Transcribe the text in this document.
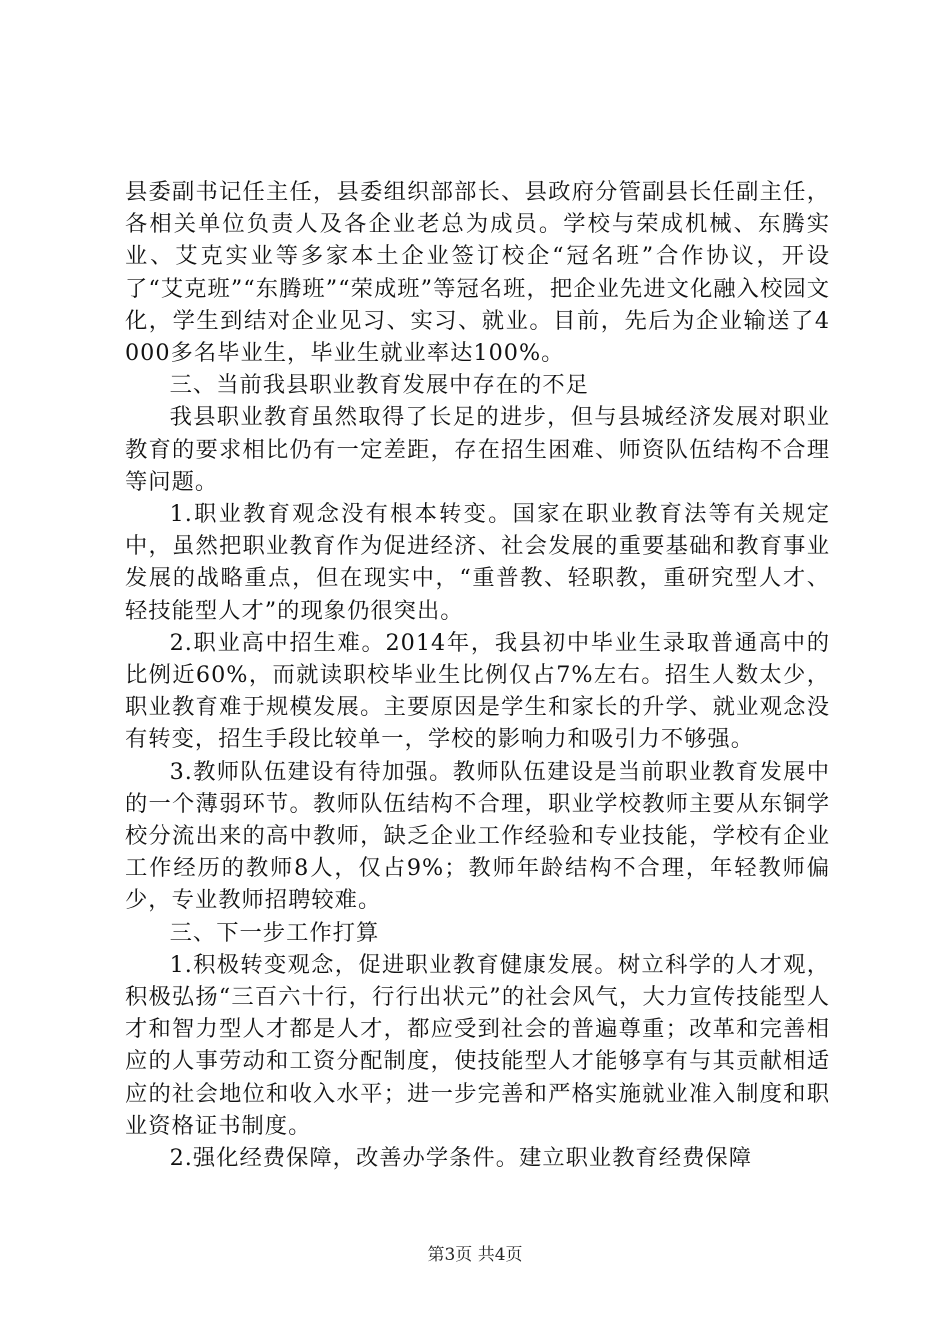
县委副书记任主任，县委组织部部长、县政府分管副县长任副主任，各相关单位负责人及各企业老总为成员。学校与荣成机械、东腾实业、艾克实业等多家本土企业签订校企“冠名班”合作协议，开设了“艾克班”“东腾班”“荣成班”等冠名班，把企业先进文化融入校园文化，学生到结对企业见习、实习、就业。目前，先后为企业输送了4000多名毕业生，毕业生就业率达100%。

三、当前我县职业教育发展中存在的不足

我县职业教育虽然取得了长足的进步，但与县城经济发展对职业教育的要求相比仍有一定差距，存在招生困难、师资队伍结构不合理等问题。

1.职业教育观念没有根本转变。国家在职业教育法等有关规定中，虽然把职业教育作为促进经济、社会发展的重要基础和教育事业发展的战略重点，但在现实中，“重普教、轻职教，重研究型人才、轻技能型人才”的现象仍很突出。

2.职业高中招生难。2014年，我县初中毕业生录取普通高中的比例近60%，而就读职校毕业生比例仅占7%左右。招生人数太少，职业教育难于规模发展。主要原因是学生和家长的升学、就业观念没有转变，招生手段比较单一，学校的影响力和吸引力不够强。

3.教师队伍建设有待加强。教师队伍建设是当前职业教育发展中的一个薄弱环节。教师队伍结构不合理，职业学校教师主要从东铜学校分流出来的高中教师，缺乏企业工作经验和专业技能，学校有企业工作经历的教师8人，仅占9%；教师年龄结构不合理，年轻教师偏少，专业教师招聘较难。

三、下一步工作打算

1.积极转变观念，促进职业教育健康发展。树立科学的人才观，积极弘扬“三百六十行，行行出状元”的社会风气，大力宣传技能型人才和智力型人才都是人才，都应受到社会的普遍尊重；改革和完善相应的人事劳动和工资分配制度，使技能型人才能够享有与其贡献相适应的社会地位和收入水平；进一步完善和严格实施就业准入制度和职业资格证书制度。

2.强化经费保障，改善办学条件。建立职业教育经费保障

第3页 共4页
